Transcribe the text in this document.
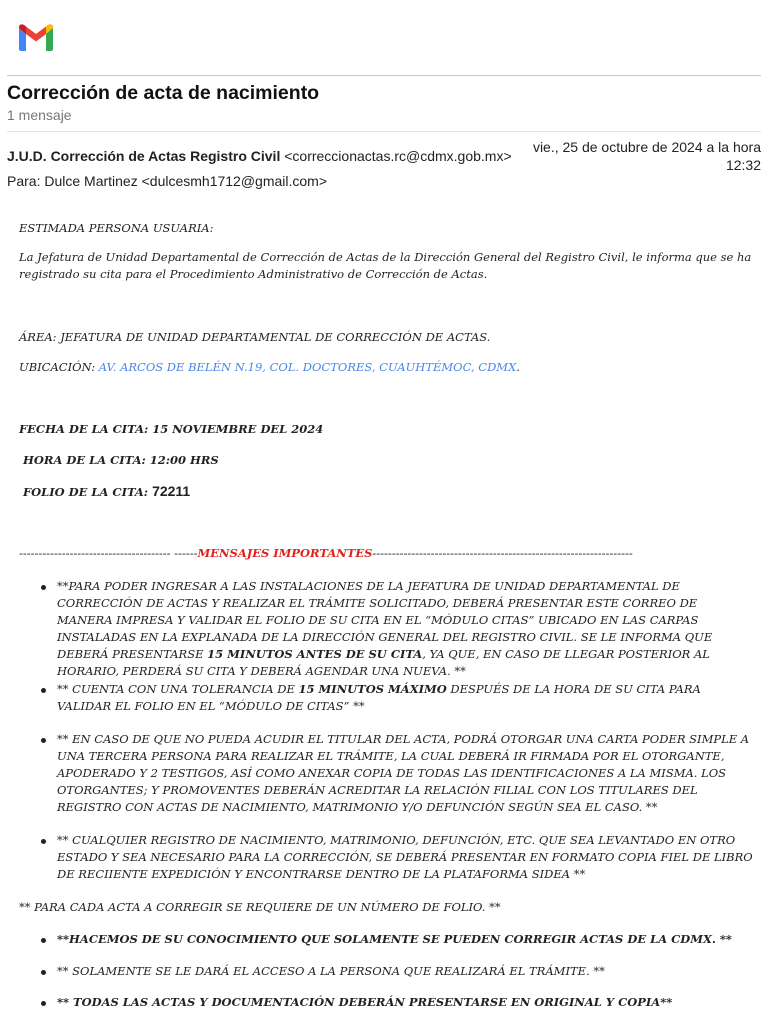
Corrección de acta de nacimiento
1 mensaje
J.U.D. Corrección de Actas Registro Civil <correccionactas.rc@cdmx.gob.mx>
vie., 25 de octubre de 2024 a la hora
12:32
Para: Dulce Martinez <dulcesmh1712@gmail.com>

ESTIMADA PERSONA USUARIA:

La Jefatura de Unidad Departamental de Corrección de Actas de la Dirección General del Registro Civil, le informa que se ha registrado su cita para el Procedimiento Administrativo de Corrección de Actas.

ÁREA: JEFATURA DE UNIDAD DEPARTAMENTAL DE CORRECCIÓN DE ACTAS.

UBICACIÓN: AV. ARCOS DE BELÉN N.19, COL. DOCTORES, CUAUHTÉMOC, CDMX.

FECHA DE LA CITA: 15 NOVIEMBRE DEL 2024

HORA DE LA CITA: 12:00 HRS

FOLIO DE LA CITA: 72211

--------------------------------------- ------MENSAJES IMPORTANTES-------------------------------------------------------------------

**PARA PODER INGRESAR A LAS INSTALACIONES DE LA JEFATURA DE UNIDAD DEPARTAMENTAL DE CORRECCIÓN DE ACTAS Y REALIZAR EL TRÁMITE SOLICITADO, DEBERÁ PRESENTAR ESTE CORREO DE MANERA IMPRESA Y VALIDAR EL FOLIO DE SU CITA EN EL “MÓDULO CITAS” UBICADO EN LAS CARPAS INSTALADAS EN LA EXPLANADA DE LA DIRECCIÓN GENERAL DEL REGISTRO CIVIL. SE LE INFORMA QUE DEBERÁ PRESENTARSE 15 MINUTOS ANTES DE SU CITA, YA QUE, EN CASO DE LLEGAR POSTERIOR AL HORARIO, PERDERÁ SU CITA Y DEBERÁ AGENDAR UNA NUEVA. **
** CUENTA CON UNA TOLERANCIA DE 15 MINUTOS MÁXIMO DESPUÉS DE LA HORA DE SU CITA PARA VALIDAR EL FOLIO EN EL “MÓDULO DE CITAS” **
** EN CASO DE QUE NO PUEDA ACUDIR EL TITULAR DEL ACTA, PODRÁ OTORGAR UNA CARTA PODER SIMPLE A UNA TERCERA PERSONA PARA REALIZAR EL TRÁMITE, LA CUAL DEBERÁ IR FIRMADA POR EL OTORGANTE, APODERADO Y 2 TESTIGOS, ASÍ COMO ANEXAR COPIA DE TODAS LAS IDENTIFICACIONES A LA MISMA. LOS OTORGANTES; Y PROMOVENTES DEBERÁN ACREDITAR LA RELACIÓN FILIAL CON LOS TITULARES DEL REGISTRO CON ACTAS DE NACIMIENTO, MATRIMONIO Y/O DEFUNCIÓN SEGÚN SEA EL CASO. **
** CUALQUIER REGISTRO DE NACIMIENTO, MATRIMONIO, DEFUNCIÓN, ETC. QUE SEA LEVANTADO EN OTRO ESTADO Y SEA NECESARIO PARA LA CORRECCIÓN, SE DEBERÁ PRESENTAR EN FORMATO COPIA FIEL DE LIBRO DE RECIIENTE EXPEDICIÓN Y ENCONTRARSE DENTRO DE LA PLATAFORMA SIDEA **

** PARA CADA ACTA A CORREGIR SE REQUIERE DE UN NÚMERO DE FOLIO. **

**HACEMOS DE SU CONOCIMIENTO QUE SOLAMENTE SE PUEDEN CORREGIR ACTAS DE LA CDMX. **
** SOLAMENTE SE LE DARÁ EL ACCESO A LA PERSONA QUE REALIZARÁ EL TRÁMITE. **
** TODAS LAS ACTAS Y DOCUMENTACIÓN DEBERÁN PRESENTARSE EN ORIGINAL Y COPIA**
